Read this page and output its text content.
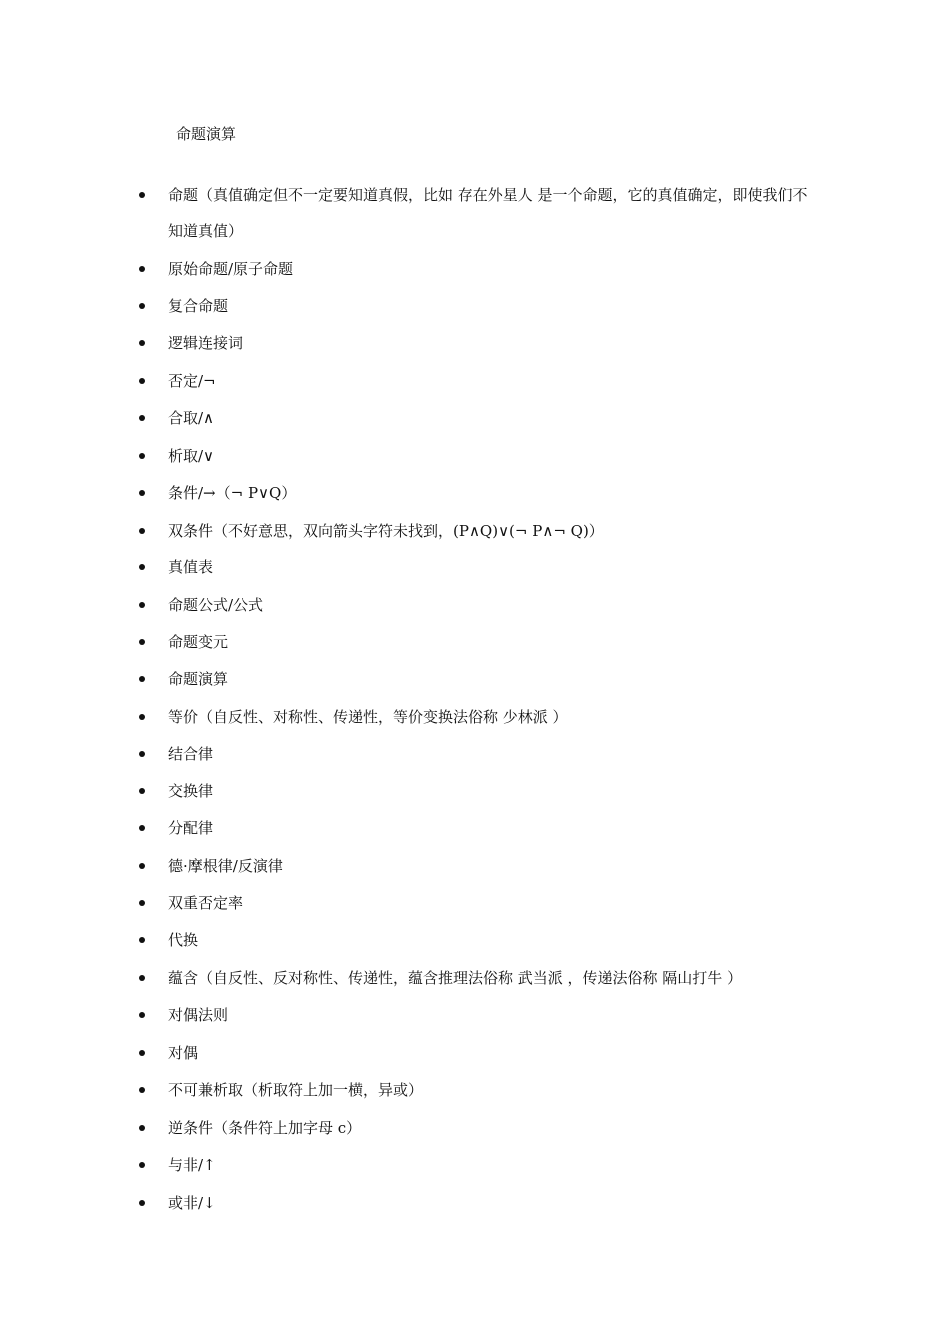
命题演算
命题（真值确定但不一定要知道真假，比如 存在外星人 是一个命题，它的真值确定，即使我们不知道真值）
原始命题/原子命题
复合命题
逻辑连接词
否定/¬
合取/∧
析取/∨
条件/→（¬ P∨Q）
双条件（不好意思，双向箭头字符未找到，(P∧Q)∨(¬ P∧¬ Q)）
真值表
命题公式/公式
命题变元
命题演算
等价（自反性、对称性、传递性，等价变换法俗称 少林派 ）
结合律
交换律
分配律
德·摩根律/反演律
双重否定率
代换
蕴含（自反性、反对称性、传递性，蕴含推理法俗称 武当派 ，传递法俗称 隔山打牛 ）
对偶法则
对偶
不可兼析取（析取符上加一横，异或）
逆条件（条件符上加字母 c）
与非/↑
或非/↓
